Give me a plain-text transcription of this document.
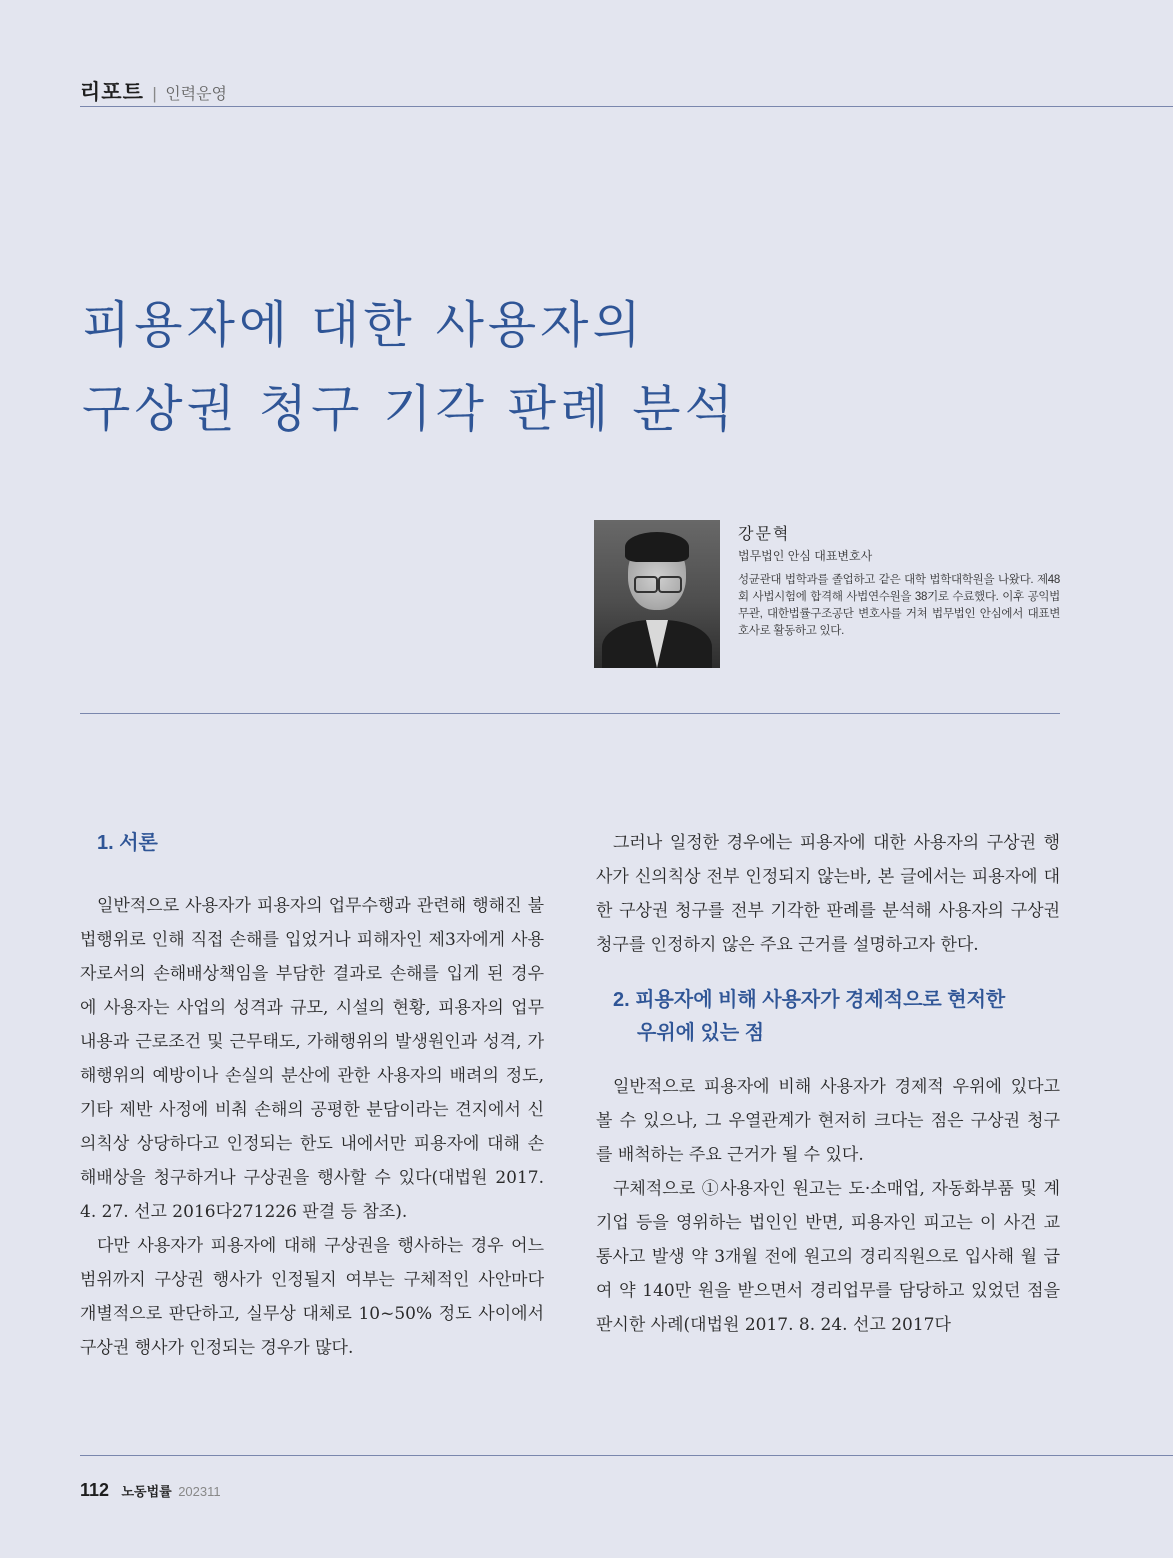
리포트 | 인력운영
피용자에 대한 사용자의
구상권 청구 기각 판례 분석
강문혁
법무법인 안심 대표변호사
성균관대 법학과를 졸업하고 같은 대학 법학대학원을 나왔다. 제48회 사법시험에 합격해 사법연수원을 38기로 수료했다. 이후 공익법무관, 대한법률구조공단 변호사를 거쳐 법무법인 안심에서 대표변호사로 활동하고 있다.
1. 서론

일반적으로 사용자가 피용자의 업무수행과 관련해 행해진 불법행위로 인해 직접 손해를 입었거나 피해자인 제3자에게 사용자로서의 손해배상책임을 부담한 결과로 손해를 입게 된 경우에 사용자는 사업의 성격과 규모, 시설의 현황, 피용자의 업무내용과 근로조건 및 근무태도, 가해행위의 발생원인과 성격, 가해행위의 예방이나 손실의 분산에 관한 사용자의 배려의 정도, 기타 제반 사정에 비춰 손해의 공평한 분담이라는 견지에서 신의칙상 상당하다고 인정되는 한도 내에서만 피용자에 대해 손해배상을 청구하거나 구상권을 행사할 수 있다(대법원 2017. 4. 27. 선고 2016다271226 판결 등 참조).

다만 사용자가 피용자에 대해 구상권을 행사하는 경우 어느 범위까지 구상권 행사가 인정될지 여부는 구체적인 사안마다 개별적으로 판단하고, 실무상 대체로 10~50% 정도 사이에서 구상권 행사가 인정되는 경우가 많다.

그러나 일정한 경우에는 피용자에 대한 사용자의 구상권 행사가 신의칙상 전부 인정되지 않는바, 본 글에서는 피용자에 대한 구상권 청구를 전부 기각한 판례를 분석해 사용자의 구상권 청구를 인정하지 않은 주요 근거를 설명하고자 한다.

2. 피용자에 비해 사용자가 경제적으로 현저한
우위에 있는 점

일반적으로 피용자에 비해 사용자가 경제적 우위에 있다고 볼 수 있으나, 그 우열관계가 현저히 크다는 점은 구상권 청구를 배척하는 주요 근거가 될 수 있다.

구체적으로 ①사용자인 원고는 도·소매업, 자동화부품 및 계기업 등을 영위하는 법인인 반면, 피용자인 피고는 이 사건 교통사고 발생 약 3개월 전에 원고의 경리직원으로 입사해 월 급여 약 140만 원을 받으면서 경리업무를 담당하고 있었던 점을 판시한 사례(대법원 2017. 8. 24. 선고 2017다

112 노동법률 202311
